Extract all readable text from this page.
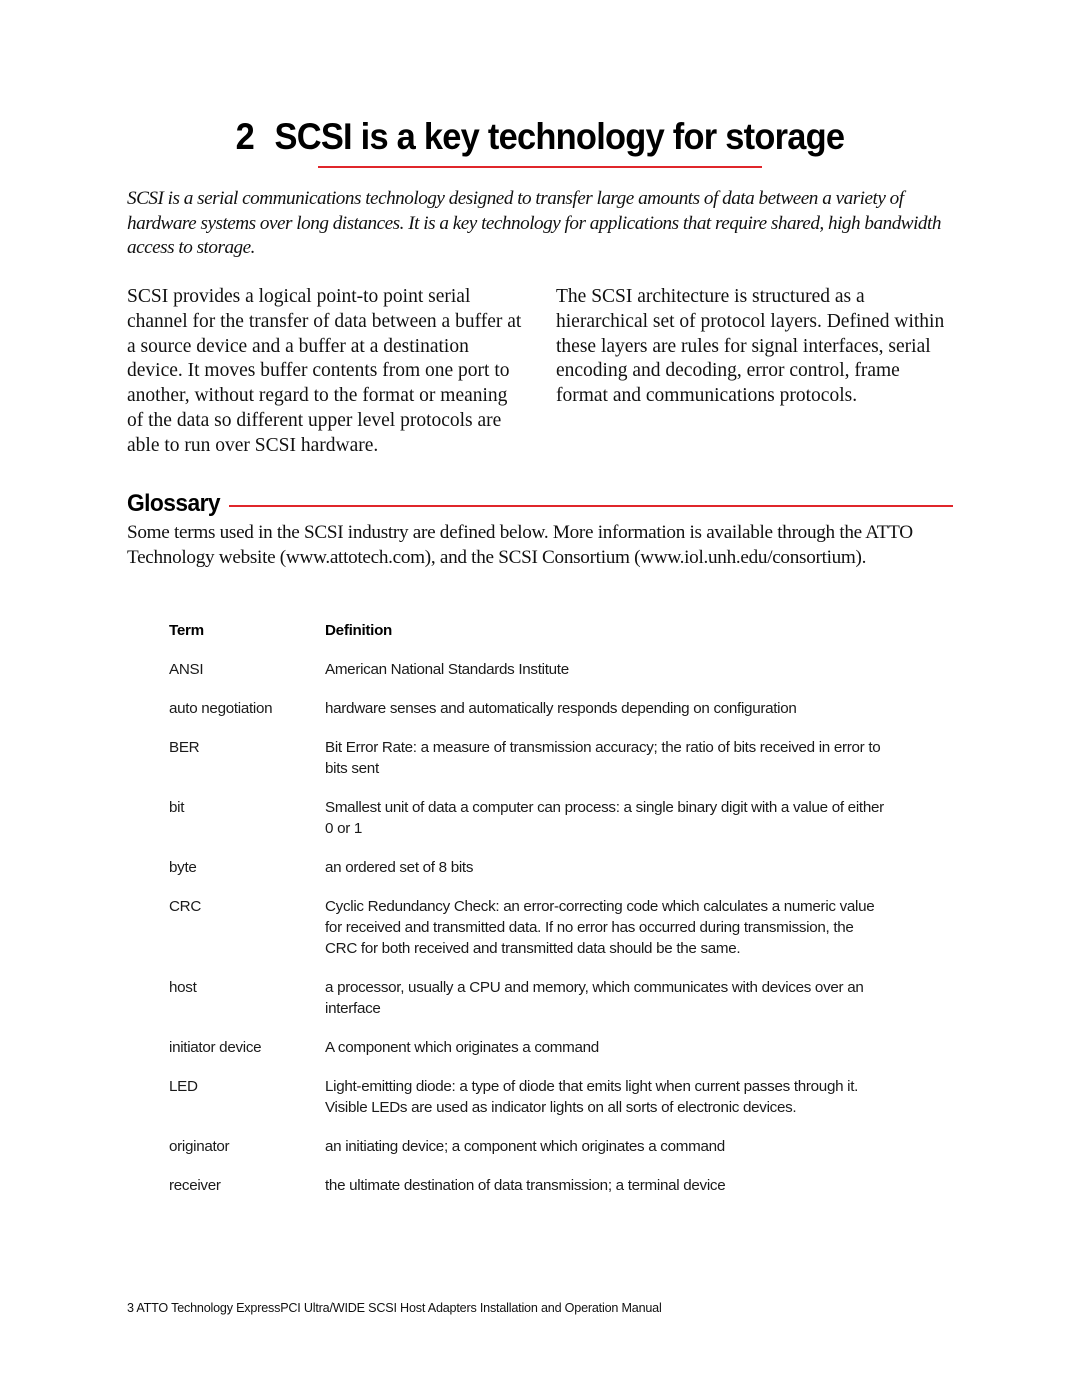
2 SCSI is a key technology for storage

SCSI is a serial communications technology designed to transfer large amounts of data between a variety of hardware systems over long distances. It is a key technology for applications that require shared, high bandwidth access to storage.

SCSI provides a logical point-to point serial channel for the transfer of data between a buffer at a source device and a buffer at a destination device. It moves buffer contents from one port to another, without regard to the format or meaning of the data so different upper level protocols are able to run over SCSI hardware.

The SCSI architecture is structured as a hierarchical set of protocol layers. Defined within these layers are rules for signal interfaces, serial encoding and decoding, error control, frame format and communications protocols.

Glossary

Some terms used in the SCSI industry are defined below. More information is available through the ATTO Technology website (www.attotech.com), and the SCSI Consortium (www.iol.unh.edu/consortium).

Term	Definition
ANSI	American National Standards Institute
auto negotiation	hardware senses and automatically responds depending on configuration
BER	Bit Error Rate: a measure of transmission accuracy; the ratio of bits received in error to bits sent
bit	Smallest unit of data a computer can process: a single binary digit with a value of either 0 or 1
byte	an ordered set of 8 bits
CRC	Cyclic Redundancy Check: an error-correcting code which calculates a numeric value for received and transmitted data. If no error has occurred during transmission, the CRC for both received and transmitted data should be the same.
host	a processor, usually a CPU and memory, which communicates with devices over an interface
initiator device	A component which originates a command
LED	Light-emitting diode: a type of diode that emits light when current passes through it. Visible LEDs are used as indicator lights on all sorts of electronic devices.
originator	an initiating device; a component which originates a command
receiver	the ultimate destination of data transmission; a terminal device
3 ATTO Technology ExpressPCI Ultra/WIDE SCSI Host Adapters Installation and Operation Manual
